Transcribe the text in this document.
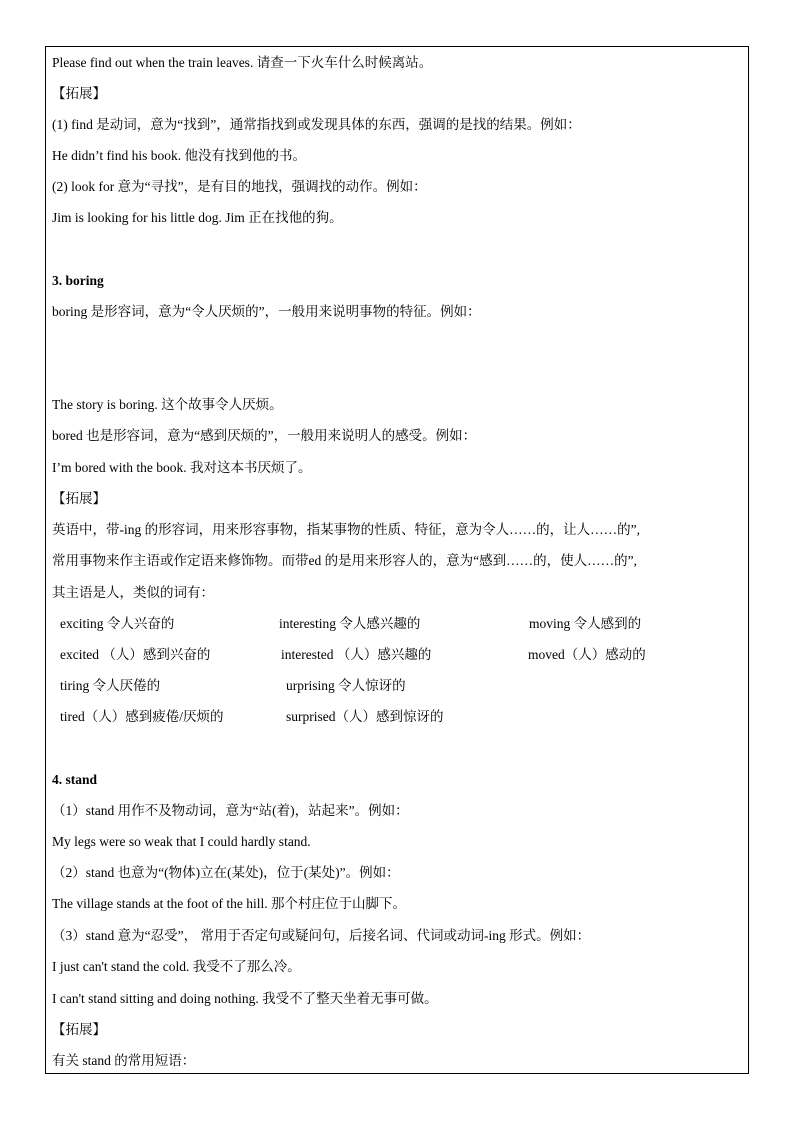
Please find out when the train leaves. 请查一下火车什么时候离站。
【拓展】
(1) find 是动词，意为“找到”，通常指找到或发现具体的东西，强调的是找的结果。例如：
He didn’t find his book. 他没有找到他的书。
(2) look for 意为“寻找”，是有目的地找，强调找的动作。例如：
Jim is looking for his little dog. Jim 正在找他的狗。
3. boring
boring 是形容词，意为“令人厌烦的”，一般用来说明事物的特征。例如：
The story is boring. 这个故事令人厌烦。
bored 也是形容词，意为“感到厌烦的”，一般用来说明人的感受。例如：
I’m bored with the book. 我对这本书厌烦了。
【拓展】
英语中，带-ing 的形容词，用来形容事物，指某事物的性质、特征，意为令人……的，让人……的”,
常用事物来作主语或作定语来修饰物。而带ed 的是用来形容人的，意为“感到……的，使人……的”,
其主语是人，类似的词有：
exciting 令人兴奋的	interesting 令人感兴趣的	moving 令人感到的
excited （人）感到兴奋的	interested （人）感兴趣的	moved（人）感动的
tiring 令人厌倦的	urprising 令人惊讶的
tired（人）感到疲倦/厌烦的	surprised（人）感到惊讶的
4. stand
（1）stand 用作不及物动词，意为“站(着)，站起来”。例如：
My legs were so weak that I could hardly stand.
（2）stand 也意为“(物体)立在(某处)，位于(某处)”。例如：
The village stands at the foot of the hill. 那个村庄位于山脚下。
（3）stand 意为“忍受”， 常用于否定句或疑问句，后接名词、代词或动词-ing 形式。例如：
I just can't stand the cold. 我受不了那么冷。
I can't stand sitting and doing nothing. 我受不了整天坐着无事可做。
【拓展】
有关 stand 的常用短语：
